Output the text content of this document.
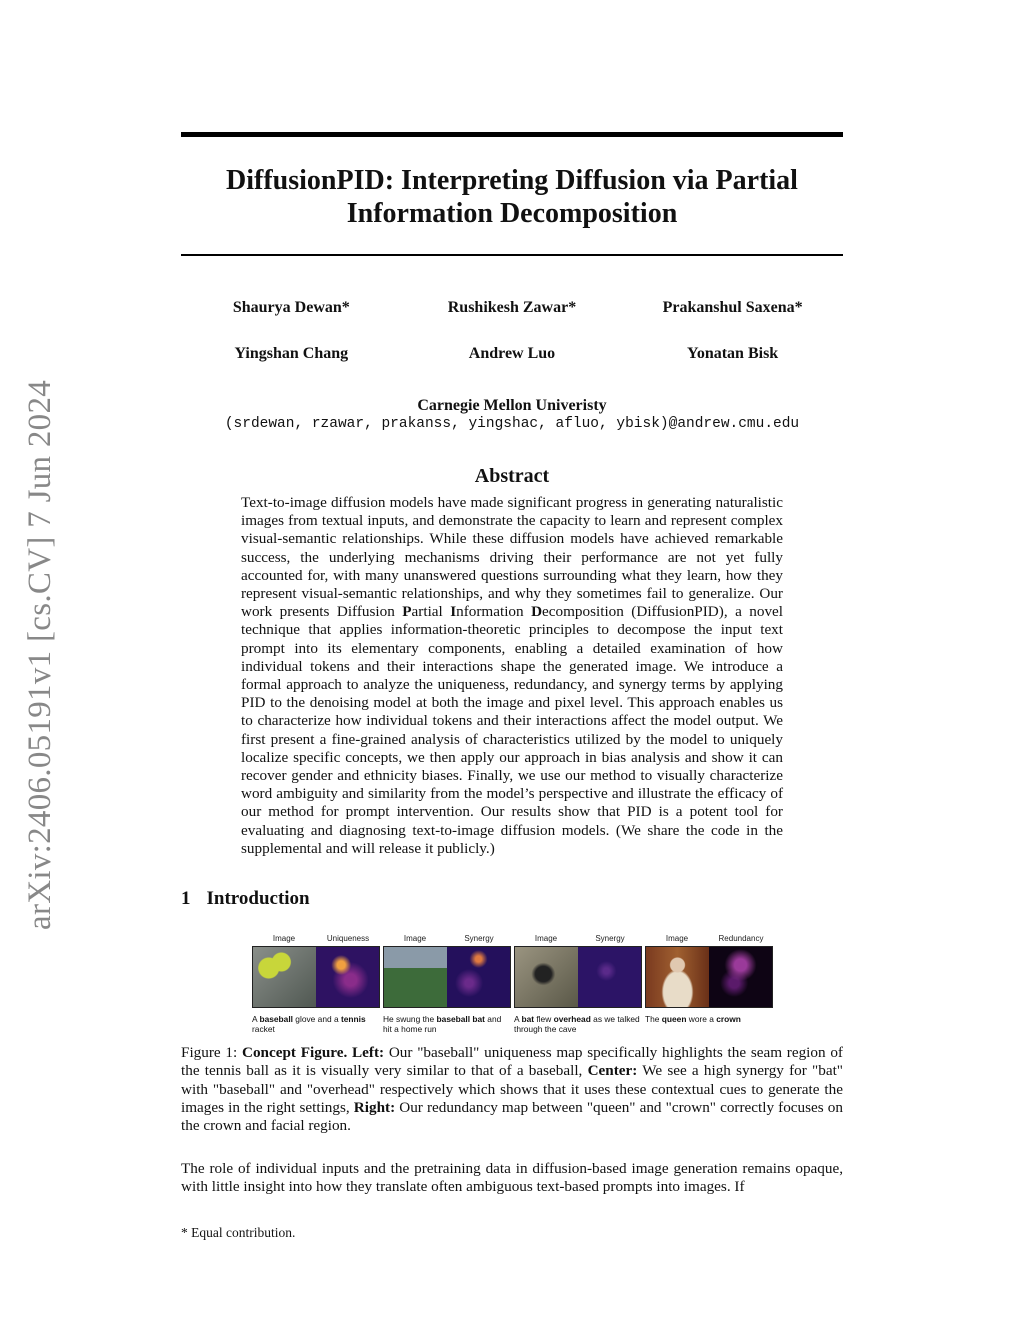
arXiv:2406.05191v1 [cs.CV] 7 Jun 2024
DiffusionPID: Interpreting Diffusion via Partial
Information Decomposition
Shaurya Dewan*	Rushikesh Zawar*	Prakanshul Saxena*
Yingshan Chang	Andrew Luo	Yonatan Bisk
Carnegie Mellon Univeristy
(srdewan, rzawar, prakanss, yingshac, afluo, ybisk)@andrew.cmu.edu
Abstract
Text-to-image diffusion models have made significant progress in generating naturalistic images from textual inputs, and demonstrate the capacity to learn and represent complex visual-semantic relationships. While these diffusion models have achieved remarkable success, the underlying mechanisms driving their performance are not yet fully accounted for, with many unanswered questions surrounding what they learn, how they represent visual-semantic relationships, and why they sometimes fail to generalize. Our work presents Diffusion Partial Information Decomposition (DiffusionPID), a novel technique that applies information-theoretic principles to decompose the input text prompt into its elementary components, enabling a detailed examination of how individual tokens and their interactions shape the generated image. We introduce a formal approach to analyze the uniqueness, redundancy, and synergy terms by applying PID to the denoising model at both the image and pixel level. This approach enables us to characterize how individual tokens and their interactions affect the model output. We first present a fine-grained analysis of characteristics utilized by the model to uniquely localize specific concepts, we then apply our approach in bias analysis and show it can recover gender and ethnicity biases. Finally, we use our method to visually characterize word ambiguity and similarity from the model’s perspective and illustrate the efficacy of our method for prompt intervention. Our results show that PID is a potent tool for evaluating and diagnosing text-to-image diffusion models. (We share the code in the supplemental and will release it publicly.)
1 Introduction
Image	Uniqueness
A baseball glove and a tennis racket
Image	Synergy
He swung the baseball bat and hit a home run
Image	Synergy
A bat flew overhead as we talked through the cave
Image	Redundancy
The queen wore a crown
Figure 1: Concept Figure. Left: Our "baseball" uniqueness map specifically highlights the seam region of the tennis ball as it is visually very similar to that of a baseball, Center: We see a high synergy for "bat" with "baseball" and "overhead" respectively which shows that it uses these contextual cues to generate the images in the right settings, Right: Our redundancy map between "queen" and "crown" correctly focuses on the crown and facial region.
The role of individual inputs and the pretraining data in diffusion-based image generation remains opaque, with little insight into how they translate often ambiguous text-based prompts into images. If
* Equal contribution.
